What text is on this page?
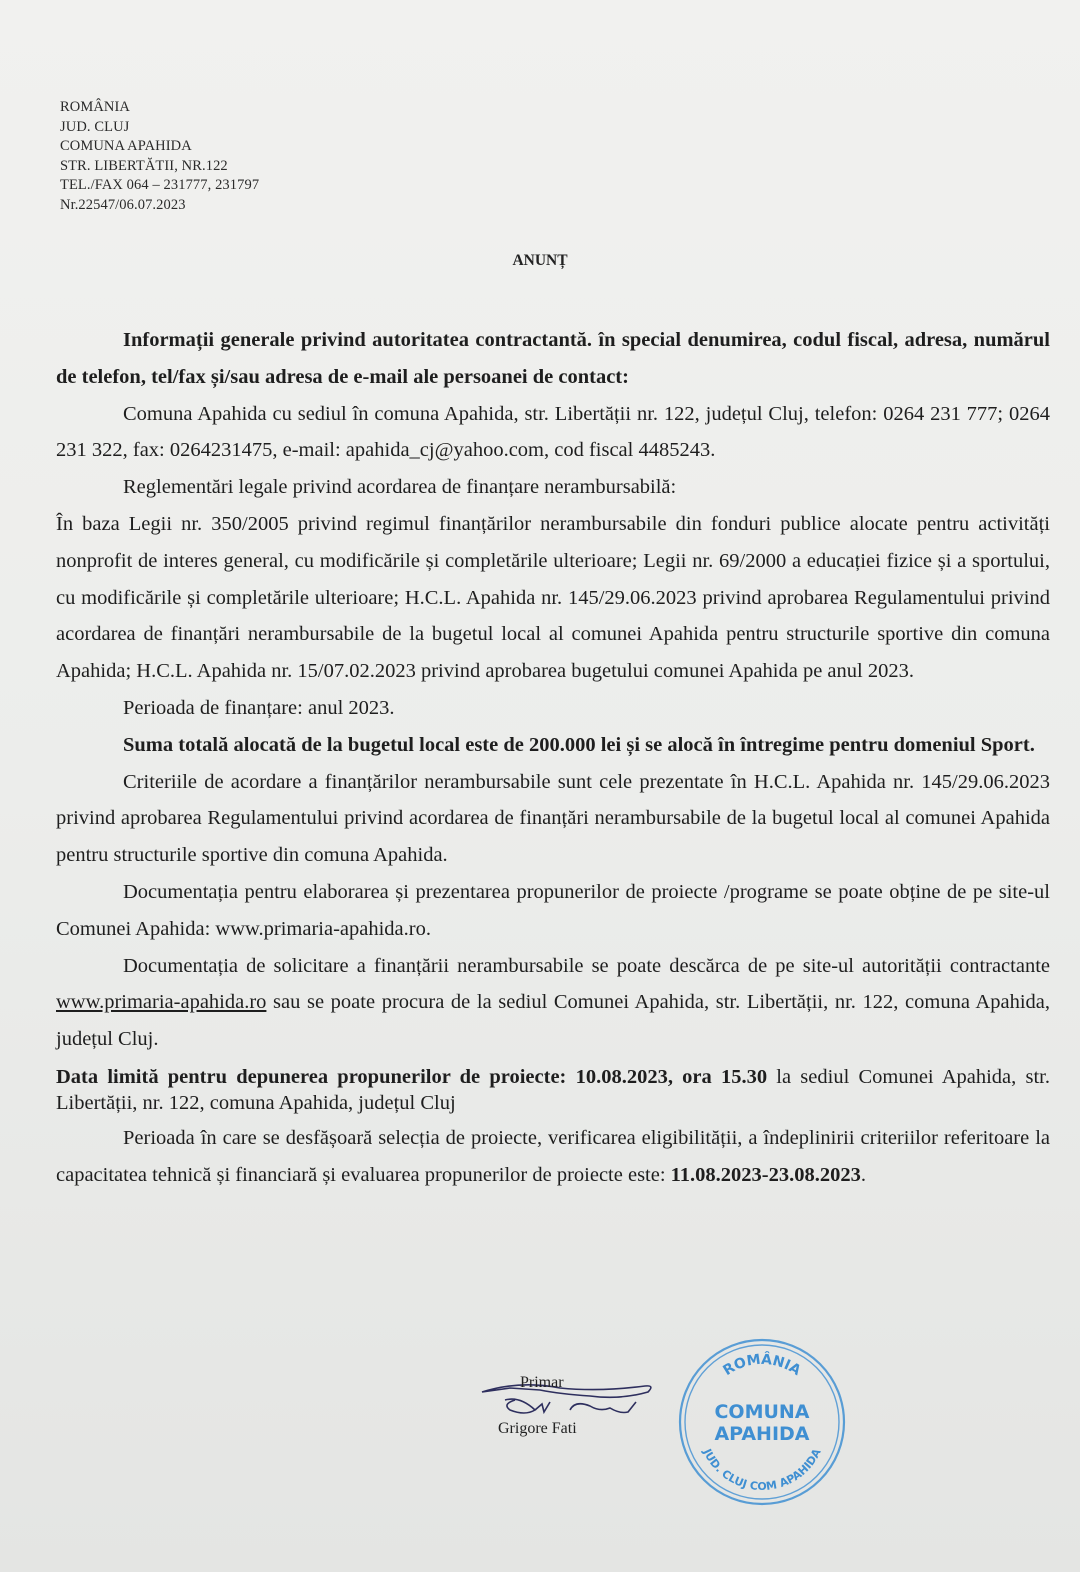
ROMÂNIA
JUD. CLUJ
COMUNA APAHIDA
STR. LIBERTĂTII, NR.122
TEL./FAX 064 – 231777, 231797
Nr.22547/06.07.2023
ANUNȚ

Informații generale privind autoritatea contractantă. în special denumirea, codul fiscal, adresa, numărul de telefon, tel/fax și/sau adresa de e-mail ale persoanei de contact:

Comuna Apahida cu sediul în comuna Apahida, str. Libertății nr. 122, județul Cluj, telefon: 0264 231 777; 0264 231 322, fax: 0264231475, e-mail: apahida_cj@yahoo.com, cod fiscal 4485243.

Reglementări legale privind acordarea de finanțare nerambursabilă:

În baza Legii nr. 350/2005 privind regimul finanțărilor nerambursabile din fonduri publice alocate pentru activități nonprofit de interes general, cu modificările și completările ulterioare; Legii nr. 69/2000 a educației fizice și a sportului, cu modificările și completările ulterioare; H.C.L. Apahida nr. 145/29.06.2023 privind aprobarea Regulamentului privind acordarea de finanțări nerambursabile de la bugetul local al comunei Apahida pentru structurile sportive din comuna Apahida; H.C.L. Apahida nr. 15/07.02.2023 privind aprobarea bugetului comunei Apahida pe anul 2023.

Perioada de finanțare: anul 2023.

Suma totală alocată de la bugetul local este de 200.000 lei și se alocă în întregime pentru domeniul Sport.

Criteriile de acordare a finanțărilor nerambursabile sunt cele prezentate în H.C.L. Apahida nr. 145/29.06.2023 privind aprobarea Regulamentului privind acordarea de finanțări nerambursabile de la bugetul local al comunei Apahida pentru structurile sportive din comuna Apahida.

Documentația pentru elaborarea și prezentarea propunerilor de proiecte /programe se poate obține de pe site-ul Comunei Apahida: www.primaria-apahida.ro.

Documentația de solicitare a finanțării nerambursabile se poate descărca de pe site-ul autorității contractante www.primaria-apahida.ro sau se poate procura de la sediul Comunei Apahida, str. Libertății, nr. 122, comuna Apahida, județul Cluj.

Data limită pentru depunerea propunerilor de proiecte: 10.08.2023, ora 15.30 la sediul Comunei Apahida, str. Libertății, nr. 122, comuna Apahida, județul Cluj

Perioada în care se desfășoară selecția de proiecte, verificarea eligibilității, a îndeplinirii criteriilor referitoare la capacitatea tehnică și financiară și evaluarea propunerilor de proiecte este: 11.08.2023-23.08.2023.

Primar
Grigore Fati
ROMÂNIA
COMUNA
APAHIDA
JUD. CLUJ COM APAHIDA
